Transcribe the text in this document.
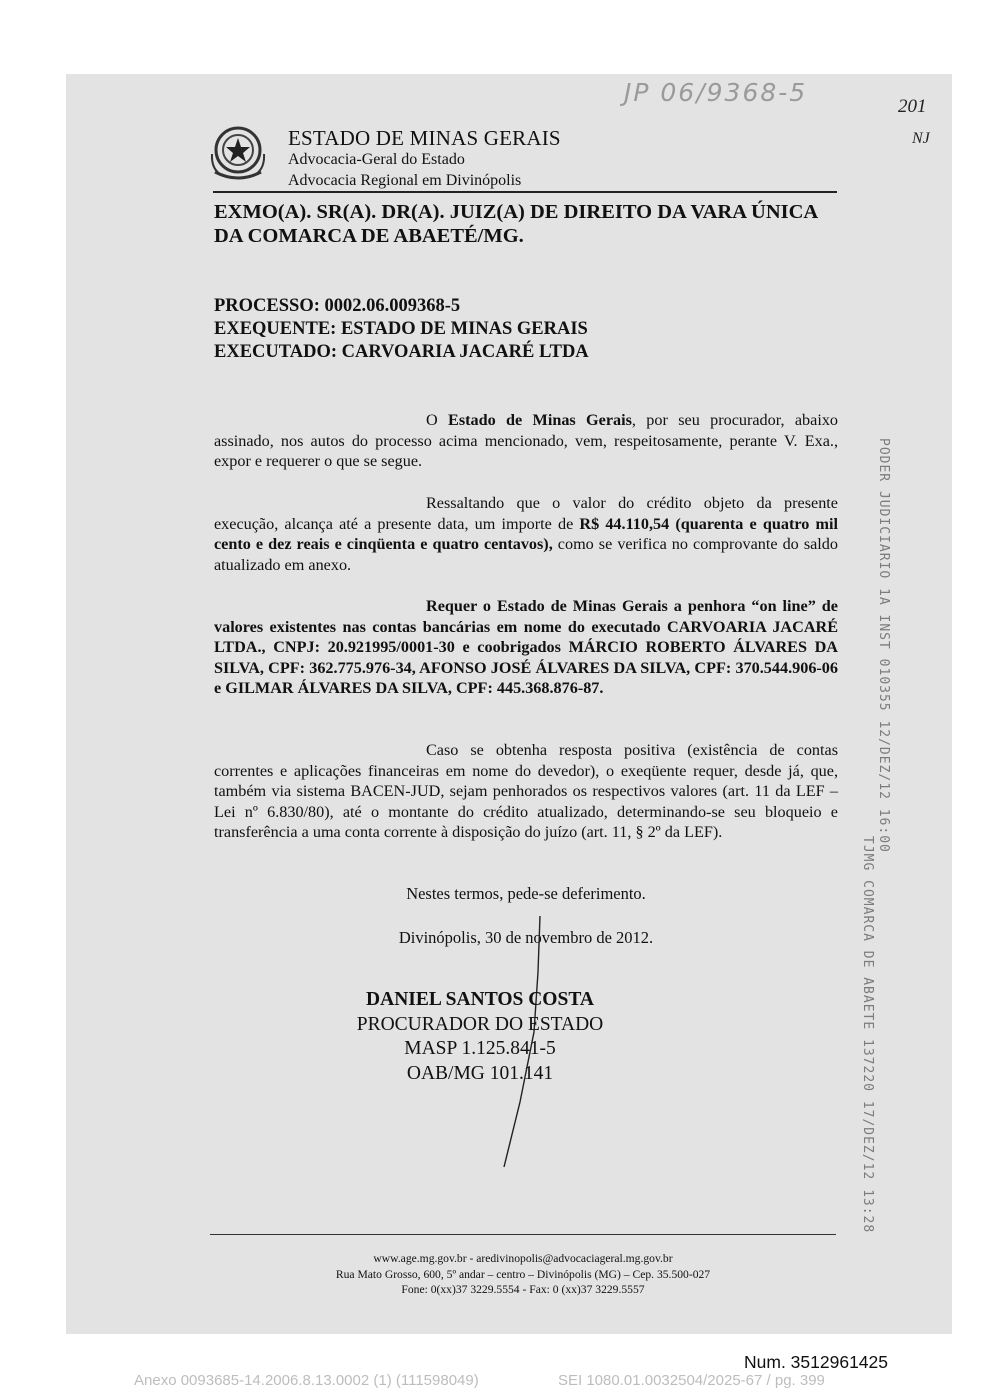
ESTADO DE MINAS GERAIS
Advocacia-Geral do Estado
Advocacia Regional em Divinópolis
JP 06/9368-5	201
NJ
EXMO(A). SR(A). DR(A). JUIZ(A) DE DIREITO DA VARA ÚNICA DA COMARCA DE ABAETÉ/MG.
PROCESSO: 0002.06.009368-5
EXEQUENTE: ESTADO DE MINAS GERAIS
EXECUTADO: CARVOARIA JACARÉ LTDA

O Estado de Minas Gerais, por seu procurador, abaixo assinado, nos autos do processo acima mencionado, vem, respeitosamente, perante V. Exa., expor e requerer o que se segue.

Ressaltando que o valor do crédito objeto da presente execução, alcança até a presente data, um importe de R$ 44.110,54 (quarenta e quatro mil cento e dez reais e cinqüenta e quatro centavos), como se verifica no comprovante do saldo atualizado em anexo.

Requer o Estado de Minas Gerais a penhora “on line” de valores existentes nas contas bancárias em nome do executado CARVOARIA JACARÉ LTDA., CNPJ: 20.921995/0001-30 e coobrigados MÁRCIO ROBERTO ÁLVARES DA SILVA, CPF: 362.775.976-34, AFONSO JOSÉ ÁLVARES DA SILVA, CPF: 370.544.906-06 e GILMAR ÁLVARES DA SILVA, CPF: 445.368.876-87.

Caso se obtenha resposta positiva (existência de contas correntes e aplicações financeiras em nome do devedor), o exeqüente requer, desde já, que, também via sistema BACEN-JUD, sejam penhorados os respectivos valores (art. 11 da LEF – Lei nº 6.830/80), até o montante do crédito atualizado, determinando-se seu bloqueio e transferência a uma conta corrente à disposição do juízo (art. 11, § 2º da LEF).

Nestes termos, pede-se deferimento.
Divinópolis, 30 de novembro de 2012.
DANIEL SANTOS COSTA
PROCURADOR DO ESTADO
MASP 1.125.841-5
OAB/MG 101.141
www.age.mg.gov.br - aredivinopolis@advocaciageral.mg.gov.br
Rua Mato Grosso, 600, 5º andar – centro – Divinópolis (MG) – Cep. 35.500-027
Fone: 0(xx)37 3229.5554 - Fax: 0 (xx)37 3229.5557
PODER JUDICIARIO 1A INST 010355 12/DEZ/12 16:00
TJMG COMARCA DE ABAETE 137220 17/DEZ/12 13:28
Num. 3512961425
Anexo 0093685-14.2006.8.13.0002 (1) (111598049)	SEI 1080.01.0032504/2025-67 / pg. 399
